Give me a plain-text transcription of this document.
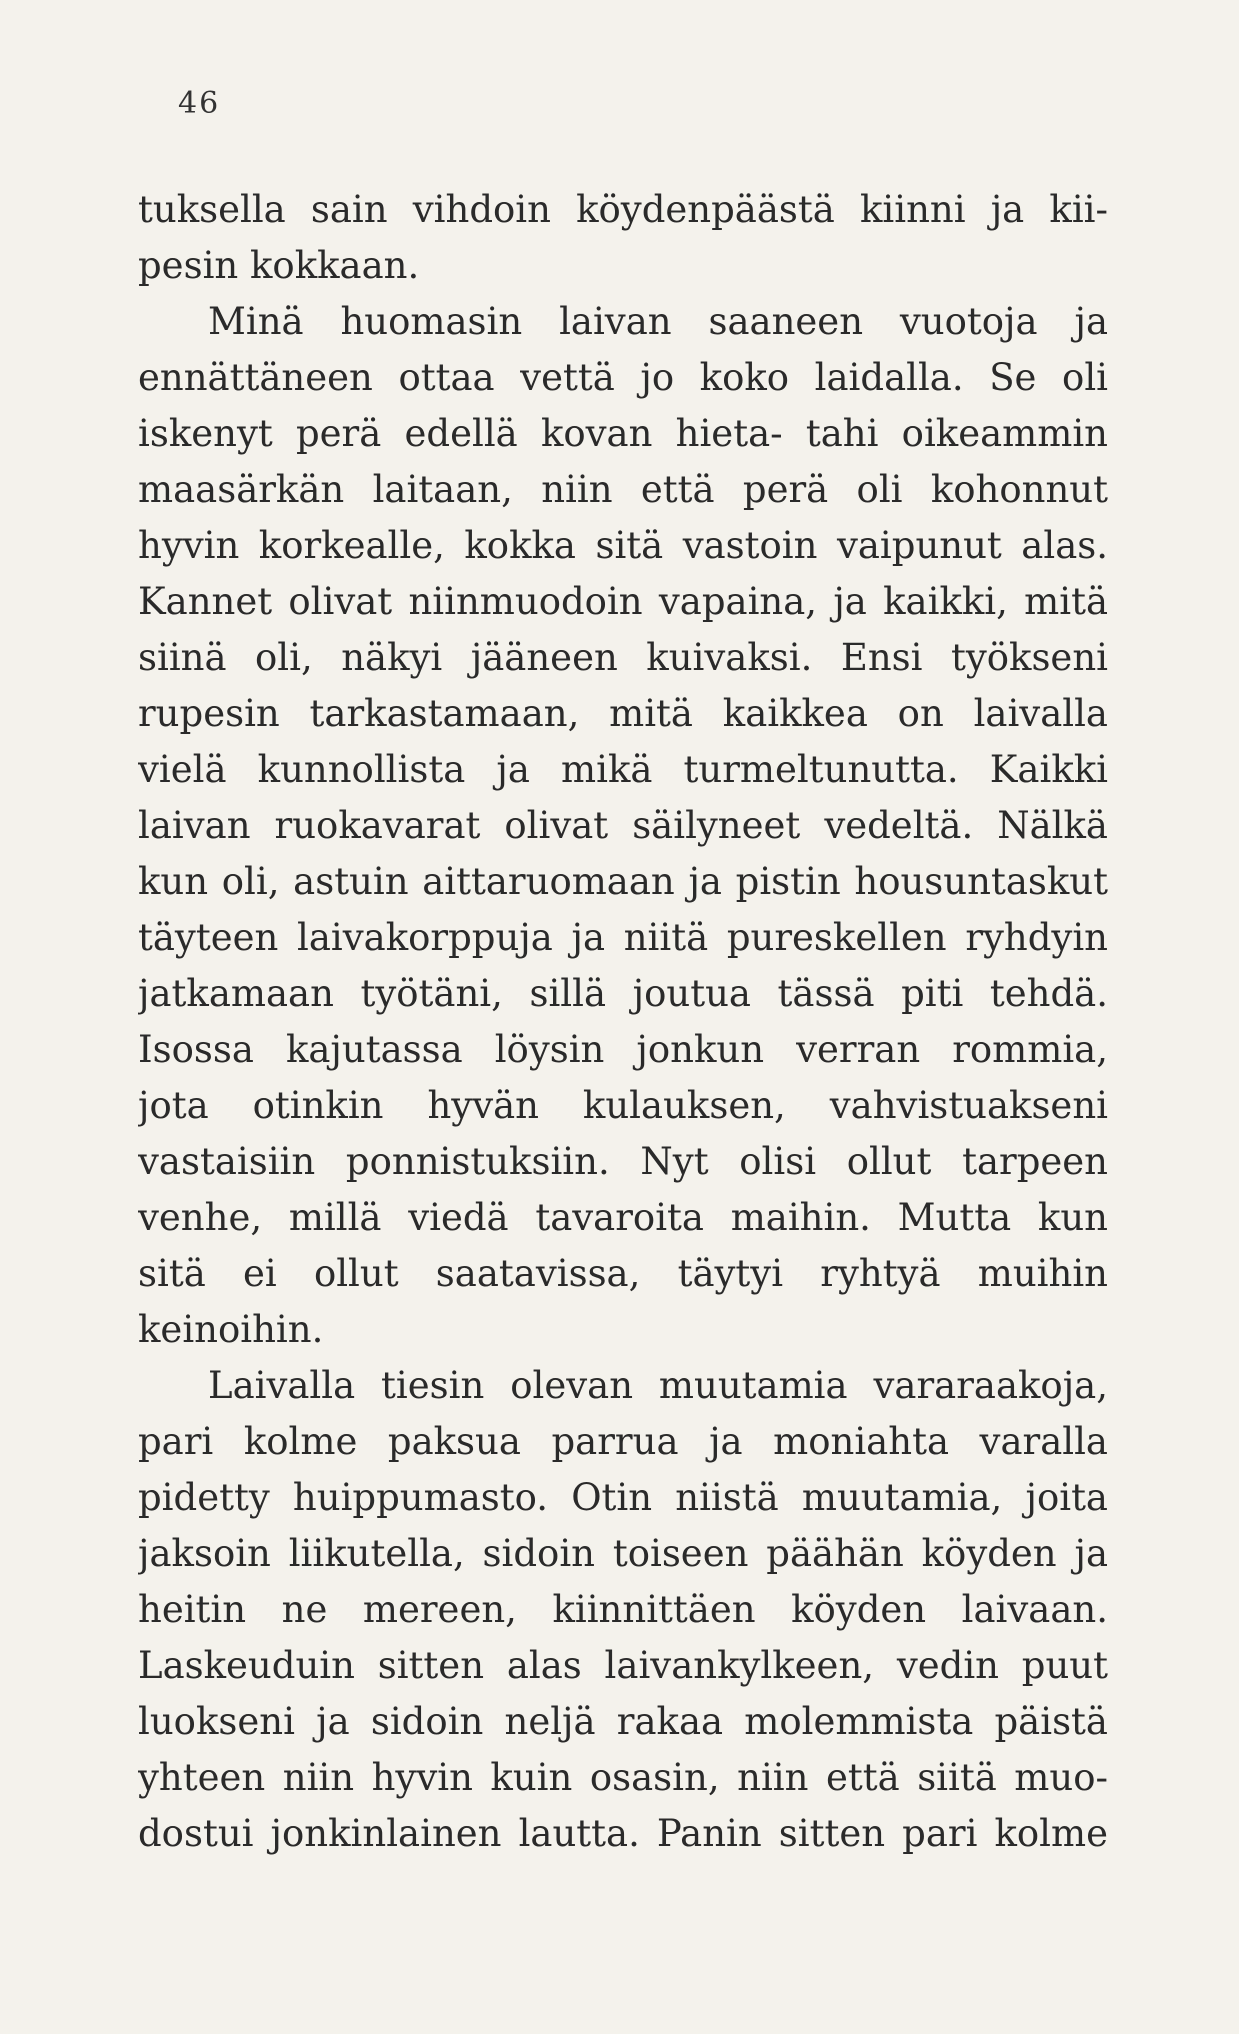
46
tuksella sain vihdoin köydenpäästä kiinni ja kii-
pesin kokkaan.
Minä huomasin laivan saaneen vuotoja ja
ennättäneen ottaa vettä jo koko laidalla. Se oli
iskenyt perä edellä kovan hieta- tahi oikeammin
maasärkän laitaan, niin että perä oli kohonnut
hyvin korkealle, kokka sitä vastoin vaipunut alas.
Kannet olivat niinmuodoin vapaina, ja kaikki, mitä
siinä oli, näkyi jääneen kuivaksi. Ensi työkseni
rupesin tarkastamaan, mitä kaikkea on laivalla
vielä kunnollista ja mikä turmeltunutta. Kaikki
laivan ruokavarat olivat säilyneet vedeltä. Nälkä
kun oli, astuin aittaruomaan ja pistin housuntaskut
täyteen laivakorppuja ja niitä pureskellen ryhdyin
jatkamaan työtäni, sillä joutua tässä piti tehdä.
Isossa kajutassa löysin jonkun verran rommia,
jota otinkin hyvän kulauksen, vahvistuakseni
vastaisiin ponnistuksiin. Nyt olisi ollut tarpeen
venhe, millä viedä tavaroita maihin. Mutta kun
sitä ei ollut saatavissa, täytyi ryhtyä muihin
keinoihin.
Laivalla tiesin olevan muutamia vararaakoja,
pari kolme paksua parrua ja moniahta varalla
pidetty huippumasto. Otin niistä muutamia, joita
jaksoin liikutella, sidoin toiseen päähän köyden ja
heitin ne mereen, kiinnittäen köyden laivaan.
Laskeuduin sitten alas laivankylkeen, vedin puut
luokseni ja sidoin neljä rakaa molemmista päistä
yhteen niin hyvin kuin osasin, niin että siitä muo-
dostui jonkinlainen lautta. Panin sitten pari kolme
